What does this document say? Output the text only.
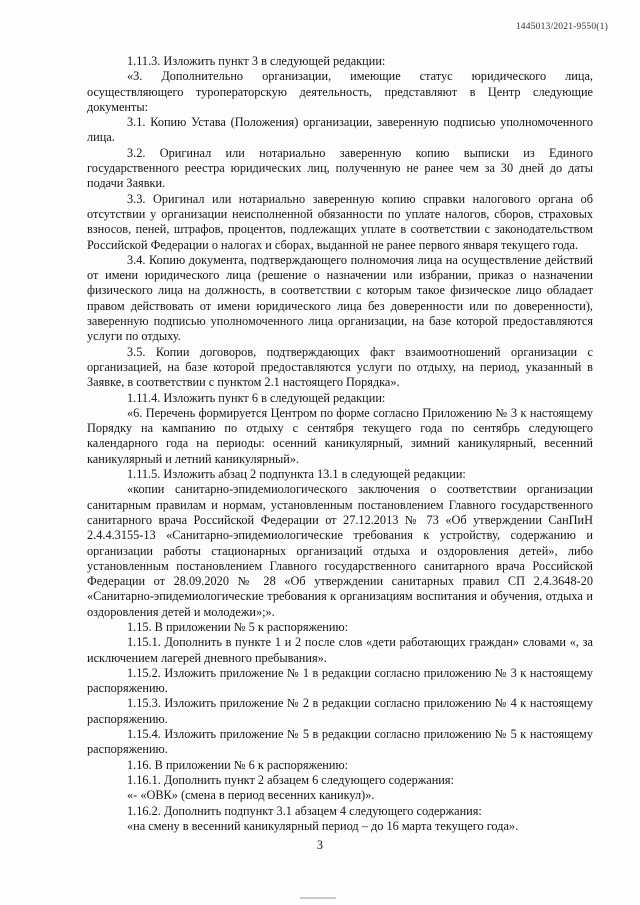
1445013/2021-9550(1)

1.11.3. Изложить пункт 3 в следующей редакции:

«3. Дополнительно организации, имеющие статус юридического лица, осуществляющего туроператорскую деятельность, представляют в Центр следующие документы:

3.1. Копию Устава (Положения) организации, заверенную подписью уполномоченного лица.

3.2. Оригинал или нотариально заверенную копию выписки из Единого государственного реестра юридических лиц, полученную не ранее чем за 30 дней до даты подачи Заявки.

3.3. Оригинал или нотариально заверенную копию справки налогового органа об отсутствии у организации неисполненной обязанности по уплате налогов, сборов, страховых взносов, пеней, штрафов, процентов, подлежащих уплате в соответствии с законодательством Российской Федерации о налогах и сборах, выданной не ранее первого января текущего года.

3.4. Копию документа, подтверждающего полномочия лица на осуществление действий от имени юридического лица (решение о назначении или избрании, приказ о назначении физического лица на должность, в соответствии с которым такое физическое лицо обладает правом действовать от имени юридического лица без доверенности или по доверенности), заверенную подписью уполномоченного лица организации, на базе которой предоставляются услуги по отдыху.

3.5. Копии договоров, подтверждающих факт взаимоотношений организации с организацией, на базе которой предоставляются услуги по отдыху, на период, указанный в Заявке, в соответствии с пунктом 2.1 настоящего Порядка».

1.11.4. Изложить пункт 6 в следующей редакции:

«6. Перечень формируется Центром по форме согласно Приложению № 3 к настоящему Порядку на кампанию по отдыху с сентября текущего года по сентябрь следующего календарного года на периоды: осенний каникулярный, зимний каникулярный, весенний каникулярный и летний каникулярный».

1.11.5. Изложить абзац 2 подпункта 13.1 в следующей редакции:

«копии санитарно-эпидемиологического заключения о соответствии организации санитарным правилам и нормам, установленным постановлением Главного государственного санитарного врача Российской Федерации от 27.12.2013 № 73 «Об утверждении СанПиН 2.4.4.3155-13 «Санитарно-эпидемиологические требования к устройству, содержанию и организации работы стационарных организаций отдыха и оздоровления детей», либо установленным постановлением Главного государственного санитарного врача Российской Федерации от 28.09.2020 № 28 «Об утверждении санитарных правил СП 2.4.3648-20 «Санитарно-эпидемиологические требования к организациям воспитания и обучения, отдыха и оздоровления детей и молодежи»;».

1.15. В приложении № 5 к распоряжению:

1.15.1. Дополнить в пункте 1 и 2 после слов «дети работающих граждан» словами «, за исключением лагерей дневного пребывания».

1.15.2. Изложить приложение № 1 в редакции согласно приложению № 3 к настоящему распоряжению.

1.15.3. Изложить приложение № 2 в редакции согласно приложению № 4 к настоящему распоряжению.

1.15.4. Изложить приложение № 5 в редакции согласно приложению № 5 к настоящему распоряжению.

1.16. В приложении № 6 к распоряжению:

1.16.1. Дополнить пункт 2 абзацем 6 следующего содержания:

«- «ОВК» (смена в период весенних каникул)».

1.16.2. Дополнить подпункт 3.1 абзацем 4 следующего содержания:

«на смену в весенний каникулярный период – до 16 марта текущего года».

3
